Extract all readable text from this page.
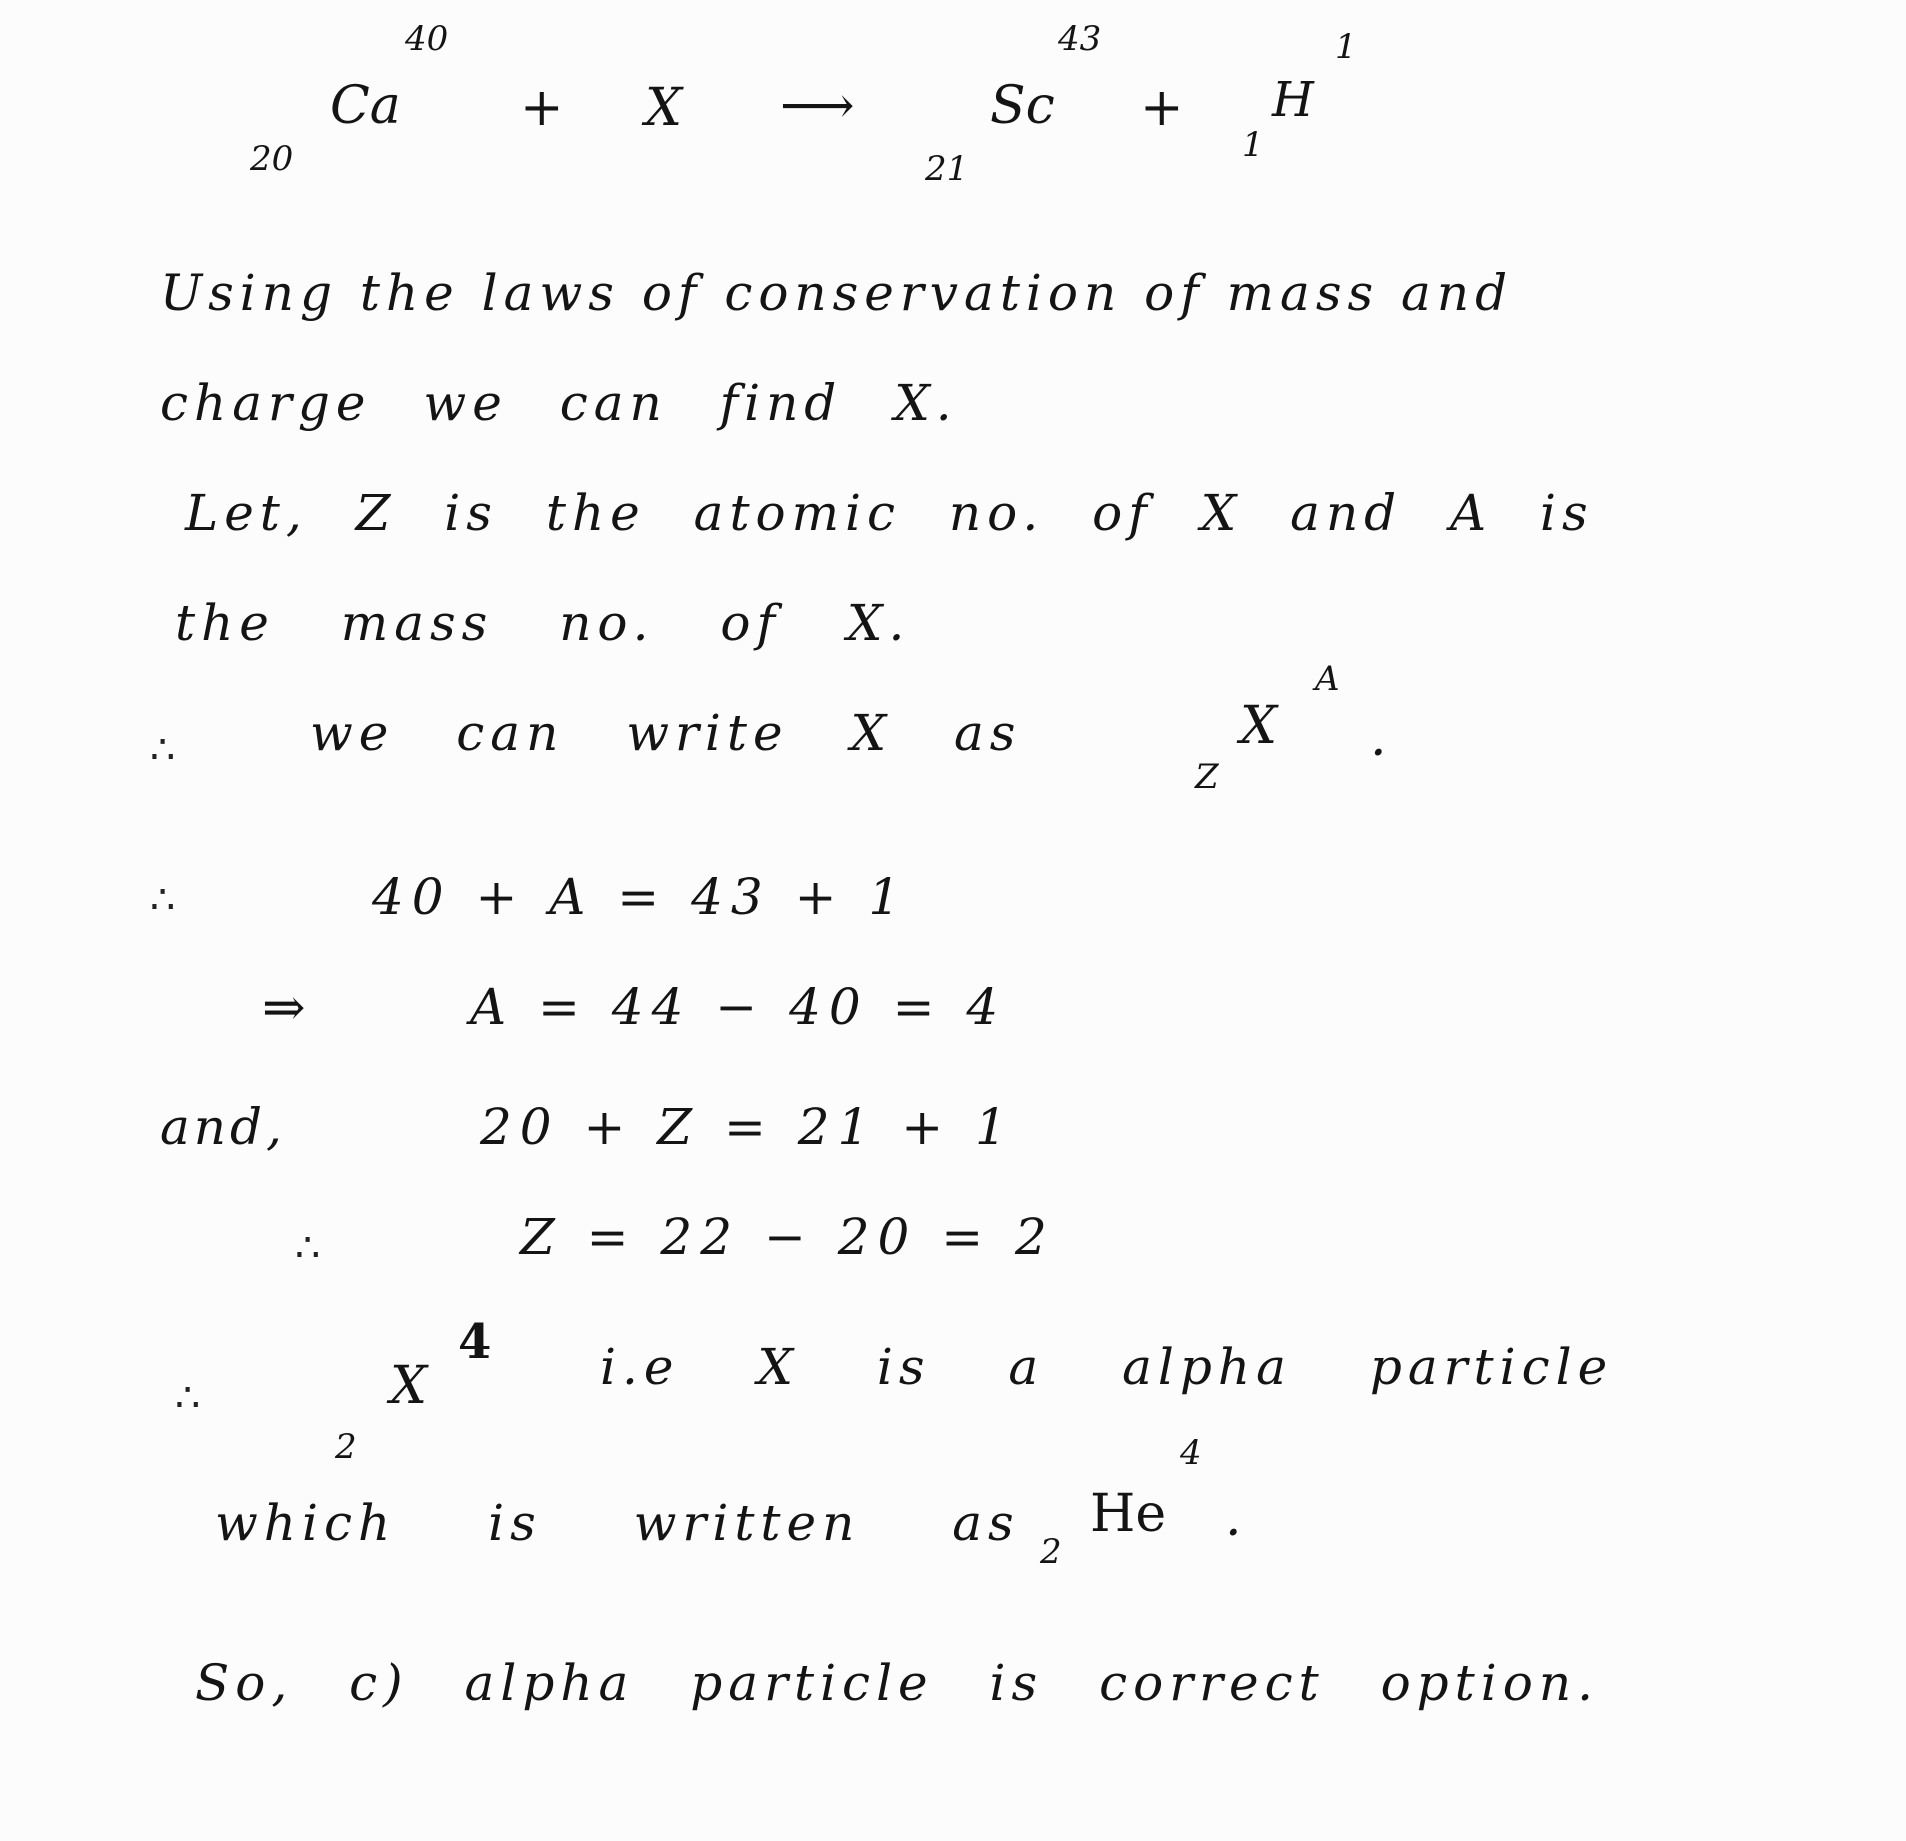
40
Ca
20
+ X ⟶
43
Sc
21
+
1
H
1
Using the laws of conservation of mass and
charge we can find X.
Let, Z is the atomic no. of X and A is
the mass no. of X.
∴	we can write X as	X
A
Z
.
∴	40 + A = 43 + 1
⇒	A = 44 − 40 = 4
and,	20 + Z = 21 + 1
∴	Z = 22 − 20 = 2
∴	X
4
2
i.e X is a alpha particle
which is written as He
4
2
.
So, c) alpha particle is correct option.
